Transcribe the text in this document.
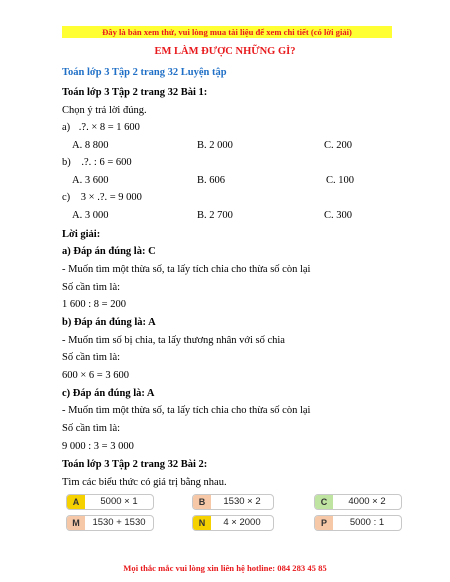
Đây là bản xem thử, vui lòng mua tài liệu để xem chi tiết (có lời giải)
EM LÀM ĐƯỢC NHỮNG GÌ?
Toán lớp 3 Tập 2 trang 32 Luyện tập
Toán lớp 3 Tập 2 trang 32 Bài 1:
Chọn ý trả lời đúng.
a) .?. × 8 = 1 600
A. 8 800	B. 2 000	C. 200
b) .?. : 6 = 600
A. 3 600	B. 606	C. 100
c) 3 × .?. = 9 000
A. 3 000	B. 2 700	C. 300
Lời giải:
a) Đáp án đúng là: C
- Muốn tìm một thừa số, ta lấy tích chia cho thừa số còn lại
Số cần tìm là:
1 600 : 8 = 200
b) Đáp án đúng là: A
- Muốn tìm số bị chia, ta lấy thương nhân với số chia
Số cần tìm là:
600 × 6 = 3 600
c) Đáp án đúng là: A
- Muốn tìm một thừa số, ta lấy tích chia cho thừa số còn lại
Số cần tìm là:
9 000 : 3 = 3 000
Toán lớp 3 Tập 2 trang 32 Bài 2:
Tìm các biểu thức có giá trị bằng nhau.
A	5000 × 1	B	1530 × 2	C	4000 × 2
M	1530 + 1530	N	4 × 2000	P	5000 : 1
Mọi thắc mắc vui lòng xin liên hệ hotline: 084 283 45 85
